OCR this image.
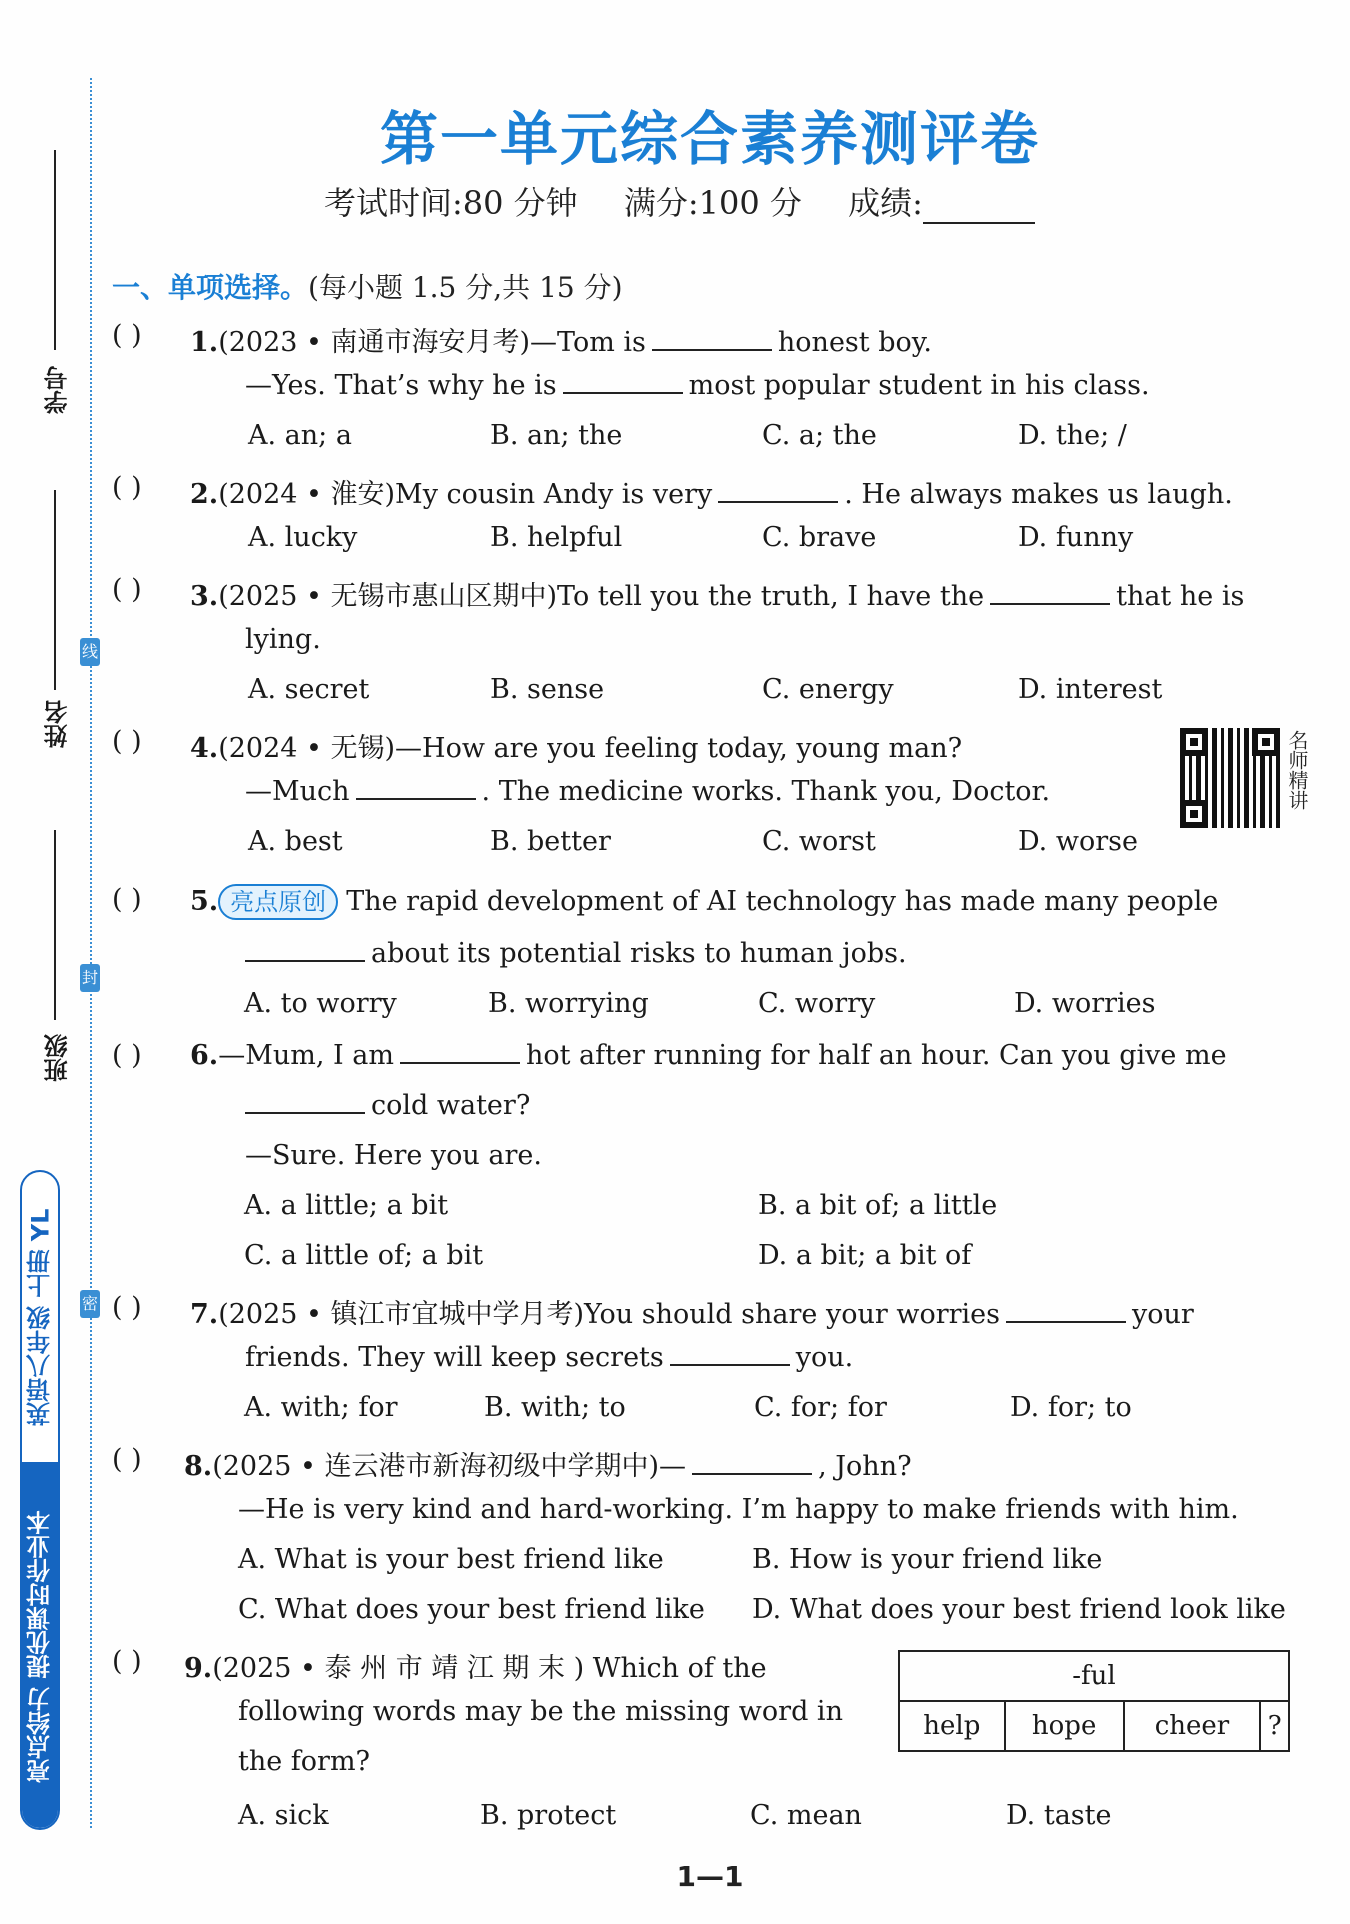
线
封
密
学号
姓名
班级
英语八年级 上册 YL
亮点给力 提优课时作业本
第一单元综合素养测评卷
考试时间:80 分钟 满分:100 分 成绩:
一、单项选择。(每小题 1.5 分,共 15 分)
( ) 1.(2023 • 南通市海安月考)—Tom is	honest boy.
—Yes. That’s why he is	most popular student in his class.
A. an; a	B. an; the	C. a; the	D. the; /
( ) 2.(2024 • 淮安)My cousin Andy is very	. He always makes us laugh.
A. lucky	B. helpful	C. brave	D. funny
( ) 3.(2025 • 无锡市惠山区期中)To tell you the truth, I have the	that he is
lying.
A. secret	B. sense	C. energy	D. interest
( ) 4.(2024 • 无锡)—How are you feeling today, young man?
—Much	. The medicine works. Thank you, Doctor.
A. best	B. better	C. worst	D. worse
名师精讲
( ) 5. 亮点原创 The rapid development of AI technology has made many people
about its potential risks to human jobs.
A. to worry	B. worrying	C. worry	D. worries
( ) 6.—Mum, I am	hot after running for half an hour. Can you give me
cold water?
—Sure. Here you are.
A. a little; a bit	B. a bit of; a little
C. a little of; a bit	D. a bit; a bit of
( ) 7.(2025 • 镇江市宜城中学月考)You should share your worries	your
friends. They will keep secrets	you.
A. with; for	B. with; to	C. for; for	D. for; to
( ) 8.(2025 • 连云港市新海初级中学期中)—	, John?
—He is very kind and hard-working. I’m happy to make friends with him.
A. What is your best friend like	B. How is your friend like
C. What does your best friend like D. What does your best friend look like
( ) 9.(2025 • 泰 州 市 靖 江 期 末 ) Which of the
following words may be the missing word in
the form?
-ful
help	hope	cheer	?
A. sick	B. protect	C. mean	D. taste
1—1
